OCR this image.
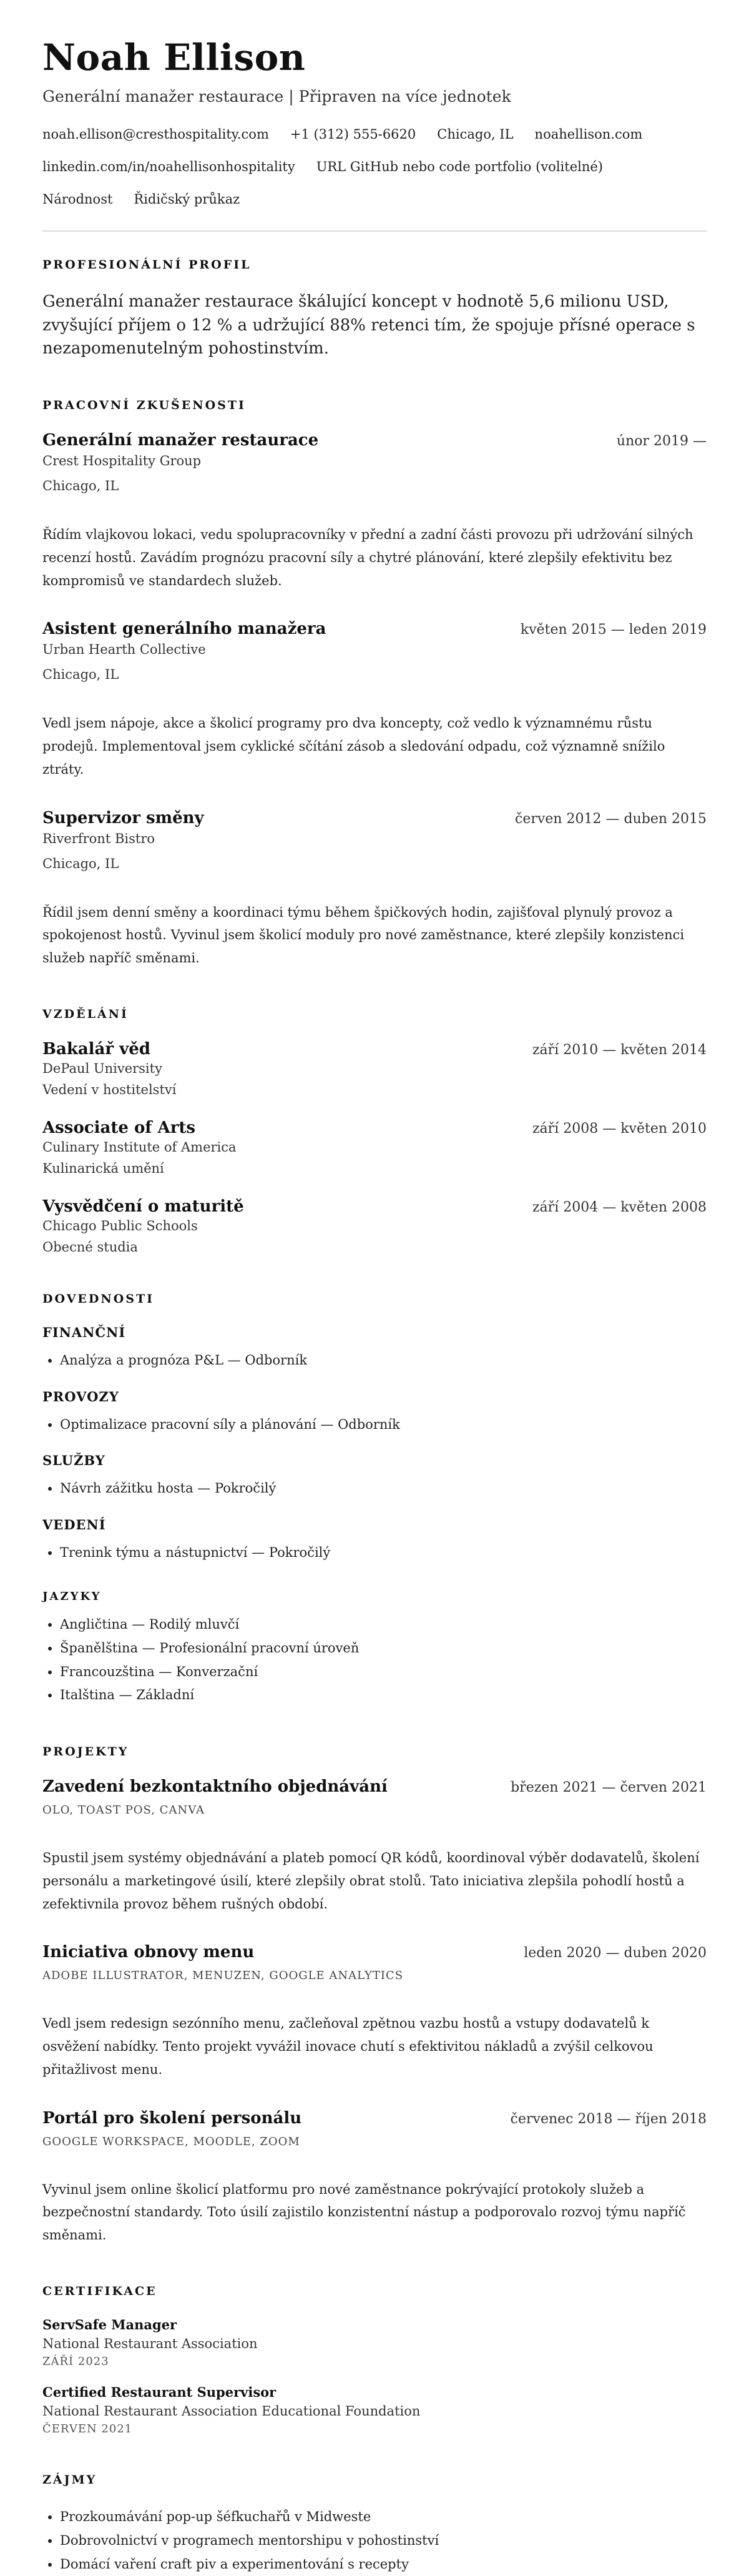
Noah Ellison
Generální manažer restaurace | Připraven na více jednotek
noah.ellison@cresthospitality.com +1 (312) 555-6620 Chicago, IL noahellison.com
linkedin.com/in/noahellisonhospitality URL GitHub nebo code portfolio (volitelné)
Národnost Řidičský průkaz
PROFESIONÁLNÍ PROFIL

Generální manažer restaurace škálující koncept v hodnotě 5,6 milionu USD, zvyšující příjem o 12 % a udržující 88% retenci tím, že spojuje přísné operace s nezapomenutelným pohostinstvím.

PRACOVNÍ ZKUŠENOSTI
Generální manažer restaurace	únor 2019 —
Crest Hospitality Group
Chicago, IL
Řídím vlajkovou lokaci, vedu spolupracovníky v přední a zadní části provozu při udržování silných recenzí hostů. Zavádím prognózu pracovní síly a chytré plánování, které zlepšily efektivitu bez kompromisů ve standardech služeb.
Asistent generálního manažera	květen 2015 — leden 2019
Urban Hearth Collective
Chicago, IL
Vedl jsem nápoje, akce a školicí programy pro dva koncepty, což vedlo k významnému růstu prodejů. Implementoval jsem cyklické sčítání zásob a sledování odpadu, což významně snížilo ztráty.
Supervizor směny	červen 2012 — duben 2015
Riverfront Bistro
Chicago, IL
Řídil jsem denní směny a koordinaci týmu během špičkových hodin, zajišťoval plynulý provoz a spokojenost hostů. Vyvinul jsem školicí moduly pro nové zaměstnance, které zlepšily konzistenci služeb napříč směnami.
VZDĚLÁNÍ
Bakalář věd	září 2010 — květen 2014
DePaul University
Vedení v hostitelství
Associate of Arts	září 2008 — květen 2010
Culinary Institute of America
Kulinarická umění
Vysvědčení o maturitě	září 2004 — květen 2008
Chicago Public Schools
Obecné studia
DOVEDNOSTI
FINANČNÍ
• Analýza a prognóza P&L — Odborník
PROVOZY
• Optimalizace pracovní síly a plánování — Odborník
SLUŽBY
• Návrh zážitku hosta — Pokročilý
VEDENÍ
• Trenink týmu a nástupnictví — Pokročilý
JAZYKY
• Angličtina — Rodilý mluvčí
• Španělština — Profesionální pracovní úroveň
• Francouzština — Konverzační
• Italština — Základní
PROJEKTY
Zavedení bezkontaktního objednávání	březen 2021 — červen 2021
OLO, TOAST POS, CANVA
Spustil jsem systémy objednávání a plateb pomocí QR kódů, koordinoval výběr dodavatelů, školení personálu a marketingové úsilí, které zlepšily obrat stolů. Tato iniciativa zlepšila pohodlí hostů a zefektivnila provoz během rušných období.
Iniciativa obnovy menu	leden 2020 — duben 2020
ADOBE ILLUSTRATOR, MENUZEN, GOOGLE ANALYTICS
Vedl jsem redesign sezónního menu, začleňoval zpětnou vazbu hostů a vstupy dodavatelů k osvěžení nabídky. Tento projekt vyvážil inovace chutí s efektivitou nákladů a zvýšil celkovou přitažlivost menu.
Portál pro školení personálu	červenec 2018 — říjen 2018
GOOGLE WORKSPACE, MOODLE, ZOOM
Vyvinul jsem online školicí platformu pro nové zaměstnance pokrývající protokoly služeb a bezpečnostní standardy. Toto úsilí zajistilo konzistentní nástup a podporovalo rozvoj týmu napříč směnami.
CERTIFIKACE
ServSafe Manager
National Restaurant Association
ZÁŘÍ 2023
Certified Restaurant Supervisor
National Restaurant Association Educational Foundation
ČERVEN 2021
ZÁJMY
• Prozkoumávání pop-up šéfkuchařů v Midweste
• Dobrovolnictví v programech mentorshipu v pohostinství
• Domácí vaření craft piv a experimentování s recepty
